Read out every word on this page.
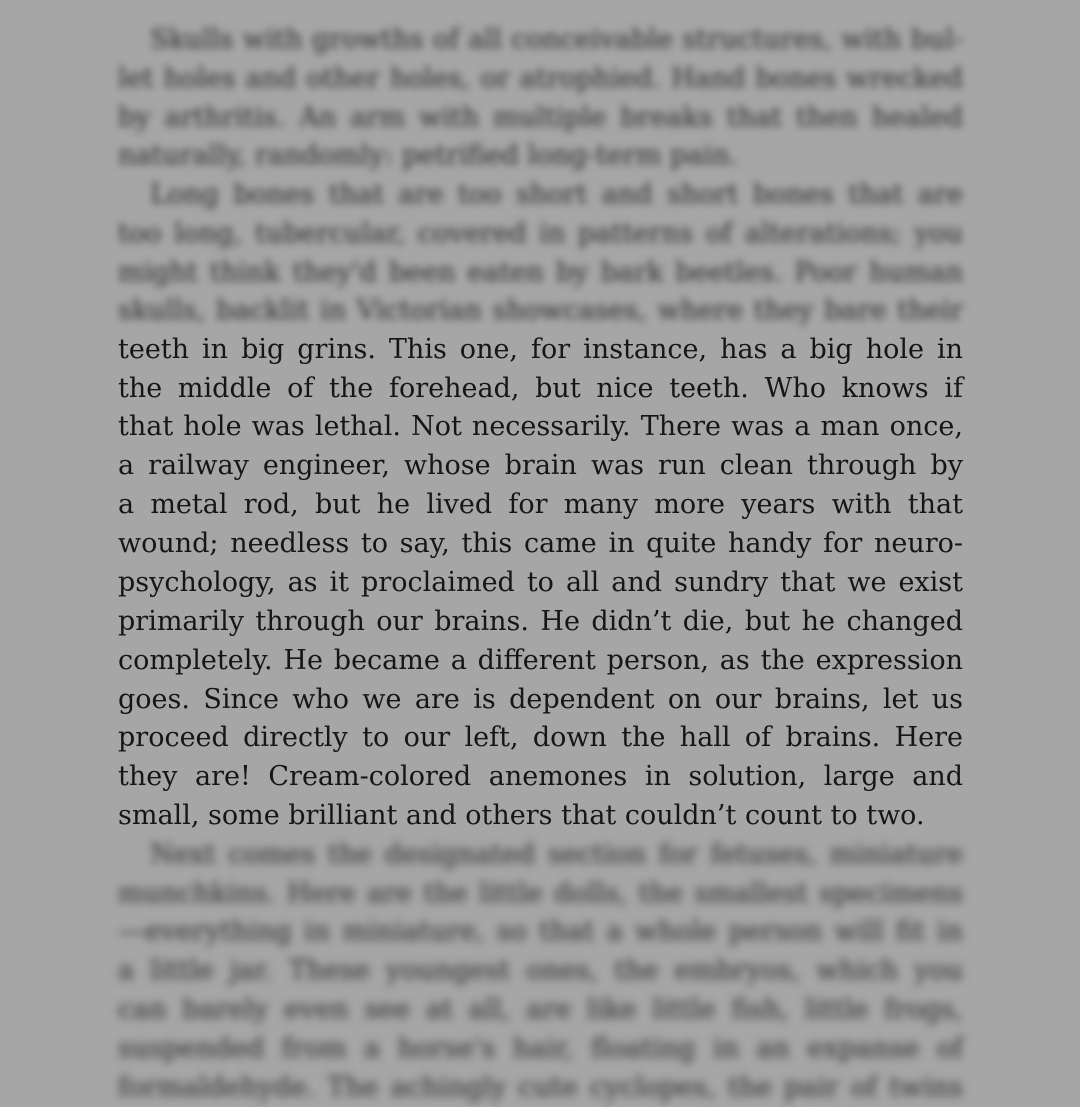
Skulls with growths of all conceivable structures, with bul-
let holes and other holes, or atrophied. Hand bones wrecked
by arthritis. An arm with multiple breaks that then healed
naturally, randomly: petrified long-term pain.
Long bones that are too short and short bones that are
too long, tubercular, covered in patterns of alterations; you
might think they'd been eaten by bark beetles. Poor human
skulls, backlit in Victorian showcases, where they bare their
teeth in big grins. This one, for instance, has a big hole in
the middle of the forehead, but nice teeth. Who knows if
that hole was lethal. Not necessarily. There was a man once,
a railway engineer, whose brain was run clean through by
a metal rod, but he lived for many more years with that
wound; needless to say, this came in quite handy for neuro-
psychology, as it proclaimed to all and sundry that we exist
primarily through our brains. He didn’t die, but he changed
completely. He became a different person, as the expression
goes. Since who we are is dependent on our brains, let us
proceed directly to our left, down the hall of brains. Here
they are! Cream-colored anemones in solution, large and
small, some brilliant and others that couldn’t count to two.
Next comes the designated section for fetuses, miniature
munchkins. Here are the little dolls, the smallest specimens
—everything in miniature, so that a whole person will fit in
a little jar. These youngest ones, the embryos, which you
can barely even see at all, are like little fish, little frogs,
suspended from a horse's hair, floating in an expanse of
formaldehyde. The achingly cute cyclopes, the pair of twins
